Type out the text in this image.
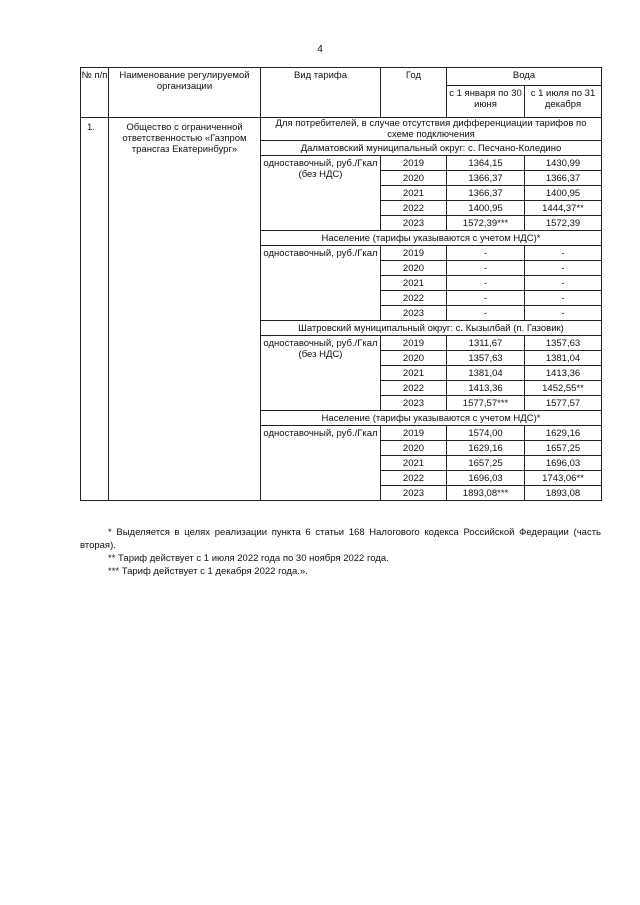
4
№ п/п	Наименование регулируемой организации	Вид тарифа	Год	Вода	
				с 1 января по 30 июня	с 1 июля по 31 декабря
1.	Общество с ограниченной ответственностью «Газпром трансгаз Екатеринбург»	Для потребителей, в случае отсутствия дифференциации тарифов по схеме подключения			
		Далматовский муниципальный округ: с. Песчано-Коледино			
		одноставочный, руб./Гкал (без НДС)	2019	1364,15	1430,99
			2020	1366,37	1366,37
			2021	1366,37	1400,95
			2022	1400,95	1444,37**
			2023	1572,39***	1572,39
		Население (тарифы указываются с учетом НДС)*			
		одноставочный, руб./Гкал	2019	-	-
			2020	-	-
			2021	-	-
			2022	-	-
			2023	-	-
		Шатровский муниципальный округ: с. Кызылбай (п. Газовик)			
		одноставочный, руб./Гкал (без НДС)	2019	1311,67	1357,63
			2020	1357,63	1381,04
			2021	1381,04	1413,36
			2022	1413,36	1452,55**
			2023	1577,57***	1577,57
		Население (тарифы указываются с учетом НДС)*			
		одноставочный, руб./Гкал	2019	1574,00	1629,16
			2020	1629,16	1657,25
			2021	1657,25	1696,03
			2022	1696,03	1743,06**
			2023	1893,08***	1893,08

* Выделяется в целях реализации пункта 6 статьи 168 Налогового кодекса Российской Федерации (часть вторая).

** Тариф действует с 1 июля 2022 года по 30 ноября 2022 года.

*** Тариф действует с 1 декабря 2022 года.».
